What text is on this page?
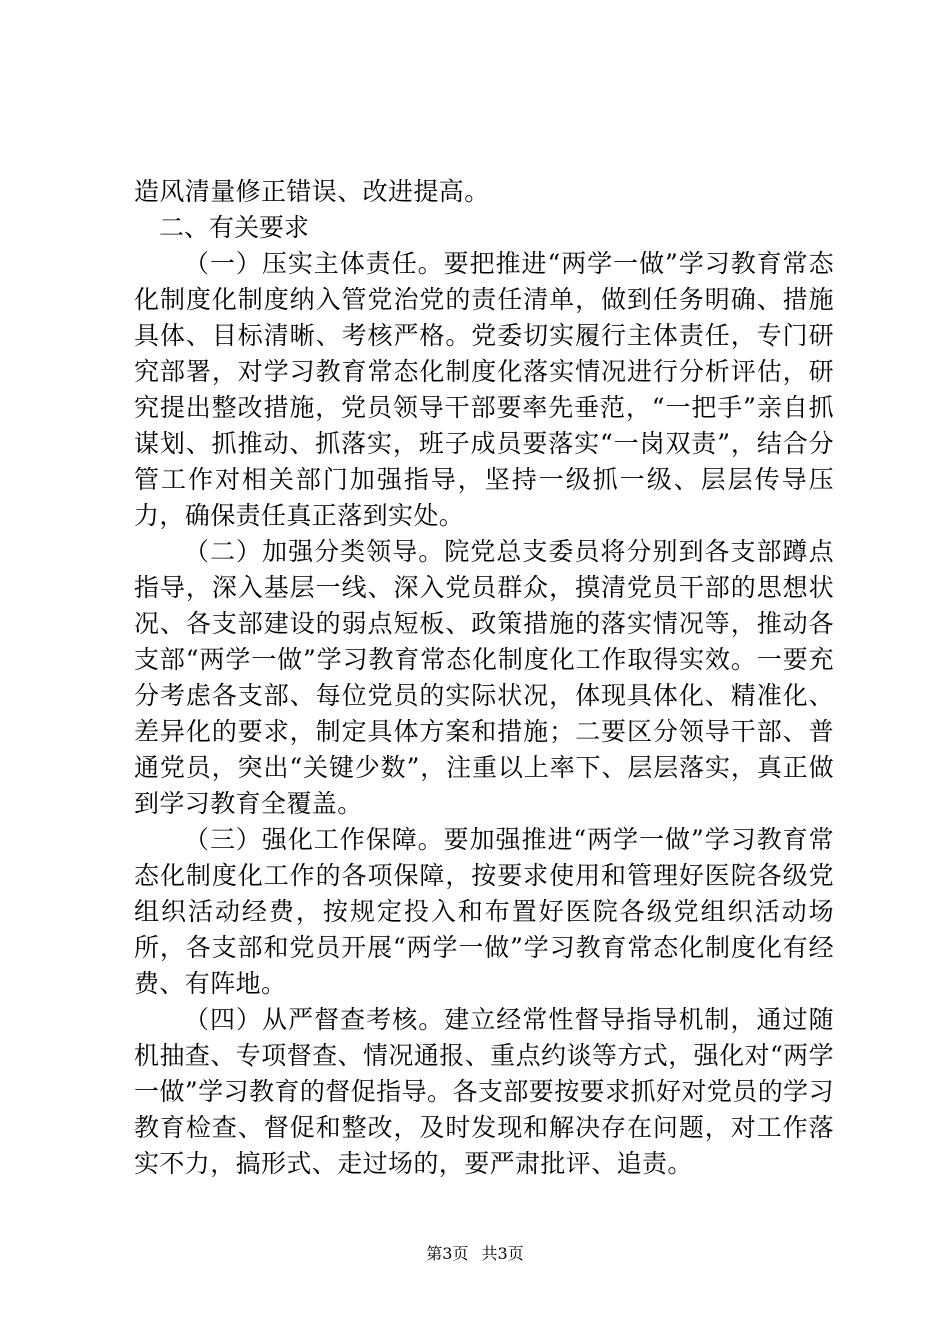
造风清量修正错误、改进提高。

二、有关要求

（一）压实主体责任。要把推进“两学一做”学习教育常态化制度化制度纳入管党治党的责任清单，做到任务明确、措施具体、目标清晰、考核严格。党委切实履行主体责任，专门研究部署，对学习教育常态化制度化落实情况进行分析评估，研究提出整改措施，党员领导干部要率先垂范，“一把手”亲自抓谋划、抓推动、抓落实，班子成员要落实“一岗双责”，结合分管工作对相关部门加强指导，坚持一级抓一级、层层传导压力，确保责任真正落到实处。

（二）加强分类领导。院党总支委员将分别到各支部蹲点指导，深入基层一线、深入党员群众，摸清党员干部的思想状况、各支部建设的弱点短板、政策措施的落实情况等，推动各支部“两学一做”学习教育常态化制度化工作取得实效。一要充分考虑各支部、每位党员的实际状况，体现具体化、精准化、差异化的要求，制定具体方案和措施；二要区分领导干部、普通党员，突出“关键少数”，注重以上率下、层层落实，真正做到学习教育全覆盖。

（三）强化工作保障。要加强推进“两学一做”学习教育常态化制度化工作的各项保障，按要求使用和管理好医院各级党组织活动经费，按规定投入和布置好医院各级党组织活动场所，各支部和党员开展“两学一做”学习教育常态化制度化有经费、有阵地。

（四）从严督查考核。建立经常性督导指导机制，通过随机抽查、专项督查、情况通报、重点约谈等方式，强化对“两学一做”学习教育的督促指导。各支部要按要求抓好对党员的学习教育检查、督促和整改，及时发现和解决存在问题，对工作落实不力，搞形式、走过场的，要严肃批评、追责。

第3页 共3页
